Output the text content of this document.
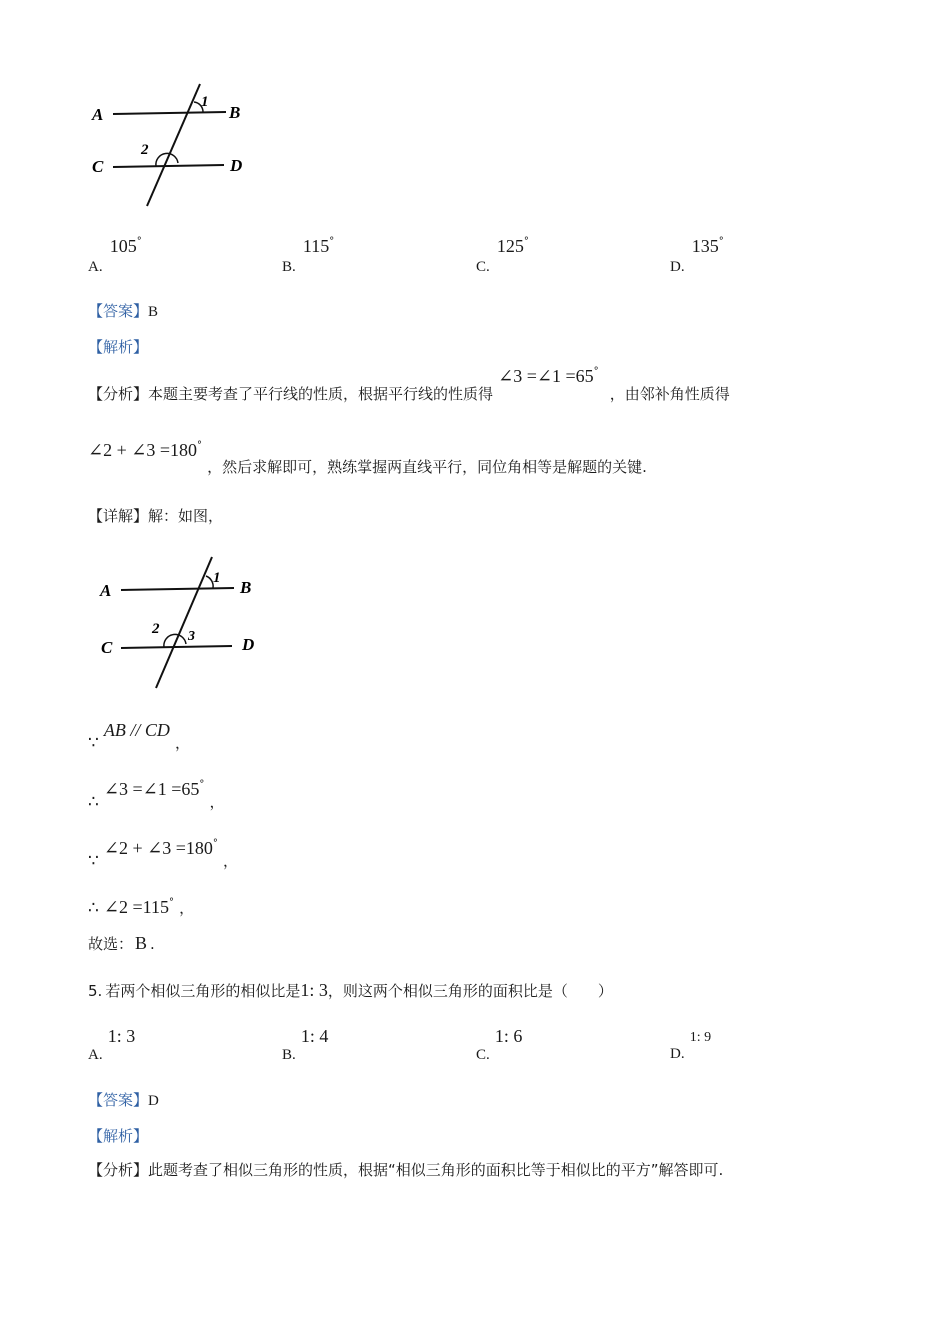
A	B
C	D
1
2
A. 105°
B. 115°
C. 125°
D. 135°
【答案】B
【解析】
【分析】本题主要考查了平行线的性质，根据平行线的性质得 ∠3 =∠1 =65° ，由邻补角性质得
∠2 + ∠3 =180° ，然后求解即可，熟练掌握两直线平行，同位角相等是解题的关键.
【详解】解：如图，
A	B
C	D
1
2 3
∵ AB // CD ，
∴ ∠3 =∠1 =65° ，
∵ ∠2 + ∠3 =180° ，
∴ ∠2 =115° ，
故选： B .
5. 若两个相似三角形的相似比是1: 3，则这两个相似三角形的面积比是（　　）
A. 1: 3
B. 1: 4
C. 1: 6
D. 1: 9
【答案】D
【解析】
【分析】此题考查了相似三角形的性质，根据“相似三角形的面积比等于相似比的平方”解答即可.
